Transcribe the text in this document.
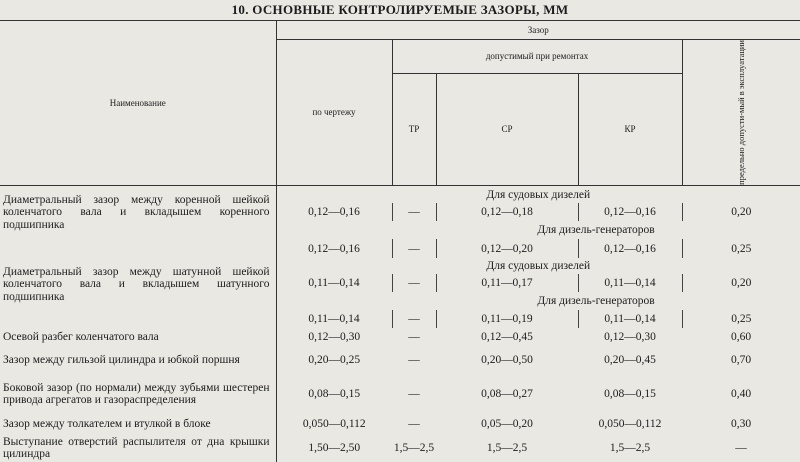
10. ОСНОВНЫЕ КОНТРОЛИРУЕМЫЕ ЗАЗОРЫ, ММ
Наименование	Зазор				
	по чертежу	допустимый при ремонтах			предельно допусти-мый в эксплуатации

		ТР	СР	КР	
Диаметральный зазор между коренной шейкой коленчатого вала и вкладышем коренного подшипника	Для судовых дизелей				
	0,12—0,16	—	0,12—0,18	0,12—0,16	0,20
		Для дизель-генераторов			
	0,12—0,16	—	0,12—0,20	0,12—0,16	0,25
Диаметральный зазор между шатунной шейкой коленчатого вала и вкладышем шатунного подшипника	Для судовых дизелей				
	0,11—0,14	—	0,11—0,17	0,11—0,14	0,20
		Для дизель-генераторов			
	0,11—0,14	—	0,11—0,19	0,11—0,14	0,25
Осевой разбег коленчатого вала	0,12—0,30	—	0,12—0,45	0,12—0,30	0,60
Зазор между гильзой цилиндра и юбкой поршня	0,20—0,25	—	0,20—0,50	0,20—0,45	0,70
Боковой зазор (по нормали) между зубьями шестерен привода агрегатов и газораспределения	0,08—0,15	—	0,08—0,27	0,08—0,15	0,40
Зазор между толкателем и втулкой в блоке	0,050—0,112	—	0,05—0,20	0,050—0,112	0,30
Выступание отверстий распылителя от дна крышки цилиндра	1,50—2,50	1,5—2,5	1,5—2,5	1,5—2,5	—
